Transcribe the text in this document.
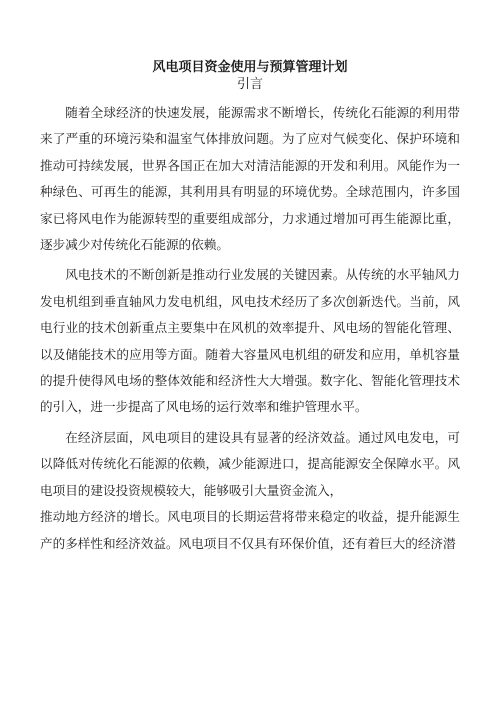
风电项目资金使用与预算管理计划
引言

随着全球经济的快速发展，能源需求不断增长，传统化石能源的利用带来了严重的环境污染和温室气体排放问题。为了应对气候变化、保护环境和推动可持续发展，世界各国正在加大对清洁能源的开发和利用。风能作为一种绿色、可再生的能源，其利用具有明显的环境优势。全球范围内，许多国家已将风电作为能源转型的重要组成部分，力求通过增加可再生能源比重，逐步减少对传统化石能源的依赖。

风电技术的不断创新是推动行业发展的关键因素。从传统的水平轴风力发电机组到垂直轴风力发电机组，风电技术经历了多次创新迭代。当前，风电行业的技术创新重点主要集中在风机的效率提升、风电场的智能化管理、以及储能技术的应用等方面。随着大容量风电机组的研发和应用，单机容量的提升使得风电场的整体效能和经济性大大增强。数字化、智能化管理技术的引入，进一步提高了风电场的运行效率和维护管理水平。

在经济层面，风电项目的建设具有显著的经济效益。通过风电发电，可以降低对传统化石能源的依赖，减少能源进口，提高能源安全保障水平。风电项目的建设投资规模较大，能够吸引大量资金流入，

推动地方经济的增长。风电项目的长期运营将带来稳定的收益，提升能源生产的多样性和经济效益。风电项目不仅具有环保价值，还有着巨大的经济潜
